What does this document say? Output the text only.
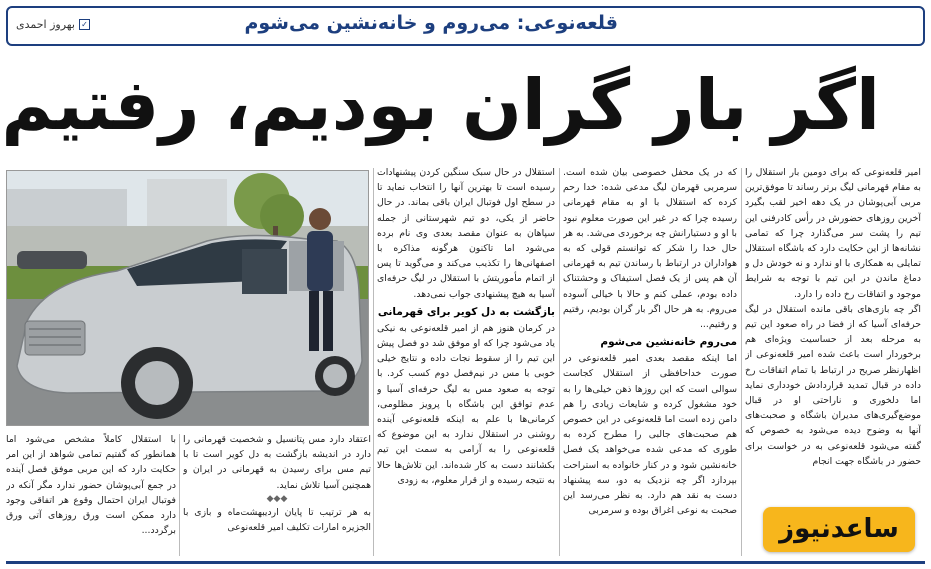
قلعه‌نوعی: می‌روم و خانه‌نشین می‌شوم
✓
بهروز احمدی
اگر بار گران بودیم، رفتیم

امیر قلعه‌نوعی که برای دومین بار استقلال را به مقام قهرمانی لیگ برتر رساند تا موفق‌ترین مربی آبی‌پوشان در یک دهه اخیر لقب بگیرد آخرین روزهای حضورش در رأس کادرفنی این تیم را پشت سر می‌گذارد چرا که تمامی نشانه‌ها از این حکایت دارد که باشگاه استقلال تمایلی به همکاری با او ندارد و نه خودش دل و دماغ ماندن در این تیم با توجه به شرایط موجود و اتفاقات رخ داده را دارد.

اگر چه بازی‌های باقی مانده استقلال در لیگ حرفه‌ای آسیا که از فضا در راه صعود این تیم به مرحله بعد از حساسیت ویژه‌ای هم برخوردار است باعث شده امیر قلعه‌نوعی از اظهارنظر صریح در ارتباط با تمام اتفاقات رخ داده در قبال تمدید قرارداد‌ش خودداری نماید اما دلخوری و ناراحتی او در قبال موضع‌گیری‌های مدیران باشگاه و صحبت‌های آنها به وضوح دیده می‌شود به خصوص که گفته می‌شود قلعه‌نوعی به در خواست برای حضور در باشگاه جهت انجام

که در یک محفل خصوصی بیان شده است. سرمربی قهرمان لیگ مدعی شده: خدا رحم کرده که استقلال با او به مقام قهرمانی رسیده چرا که در غیر این صورت معلوم نبود با او و دستیارانش چه برخوردی می‌شد. به هر حال خدا را شکر که توانستم قولی که به هواداران در ارتباط با رساندن تیم به قهرمانی آن هم پس از یک فصل استیفاک و وحشتناک داده بودم، عملی کنم و حالا با خیالی آسوده می‌روم. به هر حال اگر بار گران بودیم، رفتیم و رفتیم...

می‌روم خانه‌نشین می‌شوم

اما اینکه مقصد بعدی امیر قلعه‌نوعی در صورت خداحافظی از استقلال کجاست سوالی است که این روزها ذهن خیلی‌ها را به خود مشغول کرده و شایعات زیادی را هم دامن زده است اما قلعه‌نوعی در این خصوص هم صحبت‌های جالبی را مطرح کرده به طوری که مدعی شده می‌خواهد یک فصل خانه‌نشین شود و در کنار خانواده به استراحت بپردازد اگر چه نزدیک به دو، سه پیشنهاد دست به نقد هم دارد. به نظر می‌رسد این صحبت به نوعی اغراق بوده و سرمربی

استقلال در حال سبک سنگین کردن پیشنهادات رسیده است تا بهترین آنها را انتخاب نماید تا در سطح اول فوتبال ایران باقی بماند. در حال حاضر از یکی، دو تیم شهرستانی از جمله سپاهان به عنوان مقصد بعدی وی نام برده می‌شود اما تاکنون هرگونه مذاکره با اصفهانی‌ها را تکذیب می‌کند و می‌گوید تا پس از اتمام مأموریتش با استقلال در لیگ حرفه‌ای آسیا به هیچ پیشنهادی جواب نمی‌دهد.

بازگشت به دل کویر برای قهرمانی

در کرمان هنوز هم از امیر قلعه‌نوعی به نیکی یاد می‌شود چرا که او موفق شد دو فصل پیش این تیم را از سقوط نجات داده و نتایج خیلی خوبی با مس در نیم‌فصل دوم کسب کرد. با توجه به صعود مس به لیگ حرفه‌ای آسیا و عدم توافق این باشگاه با پرویز مظلومی، کرمانی‌ها با علم به اینکه قلعه‌نوعی آینده روشنی در استقلال ندارد به این موضوع که قلعه‌نوعی را به آرامی به سمت این تیم بکشانند دست به کار شده‌اند. این تلاش‌ها حالا به نتیجه رسیده و از قرار معلوم، به زودی

اعتقاد دارد مس پتانسیل و شخصیت قهرمانی را دارد در اندیشه بازگشت به دل کویر است تا با تیم مس برای رسیدن به قهرمانی در ایران و همچنین آسیا تلاش نماید.

◆◆◆

به هر ترتیب تا پایان اردیبهشت‌ماه و بازی با الجزیره امارات تکلیف امیر قلعه‌نوعی

با استقلال کاملاً مشخص می‌شود اما همانطور که گفتیم تمامی شواهد از این امر حکایت دارد که این مربی موفق فصل آینده در جمع آبی‌پوشان حضور ندارد مگر آنکه در فوتبال ایران احتمال وقوع هر اتفاقی وجود دارد ممکن است ورق روزهای آتی ورق برگردد...	ساعدنیوز
